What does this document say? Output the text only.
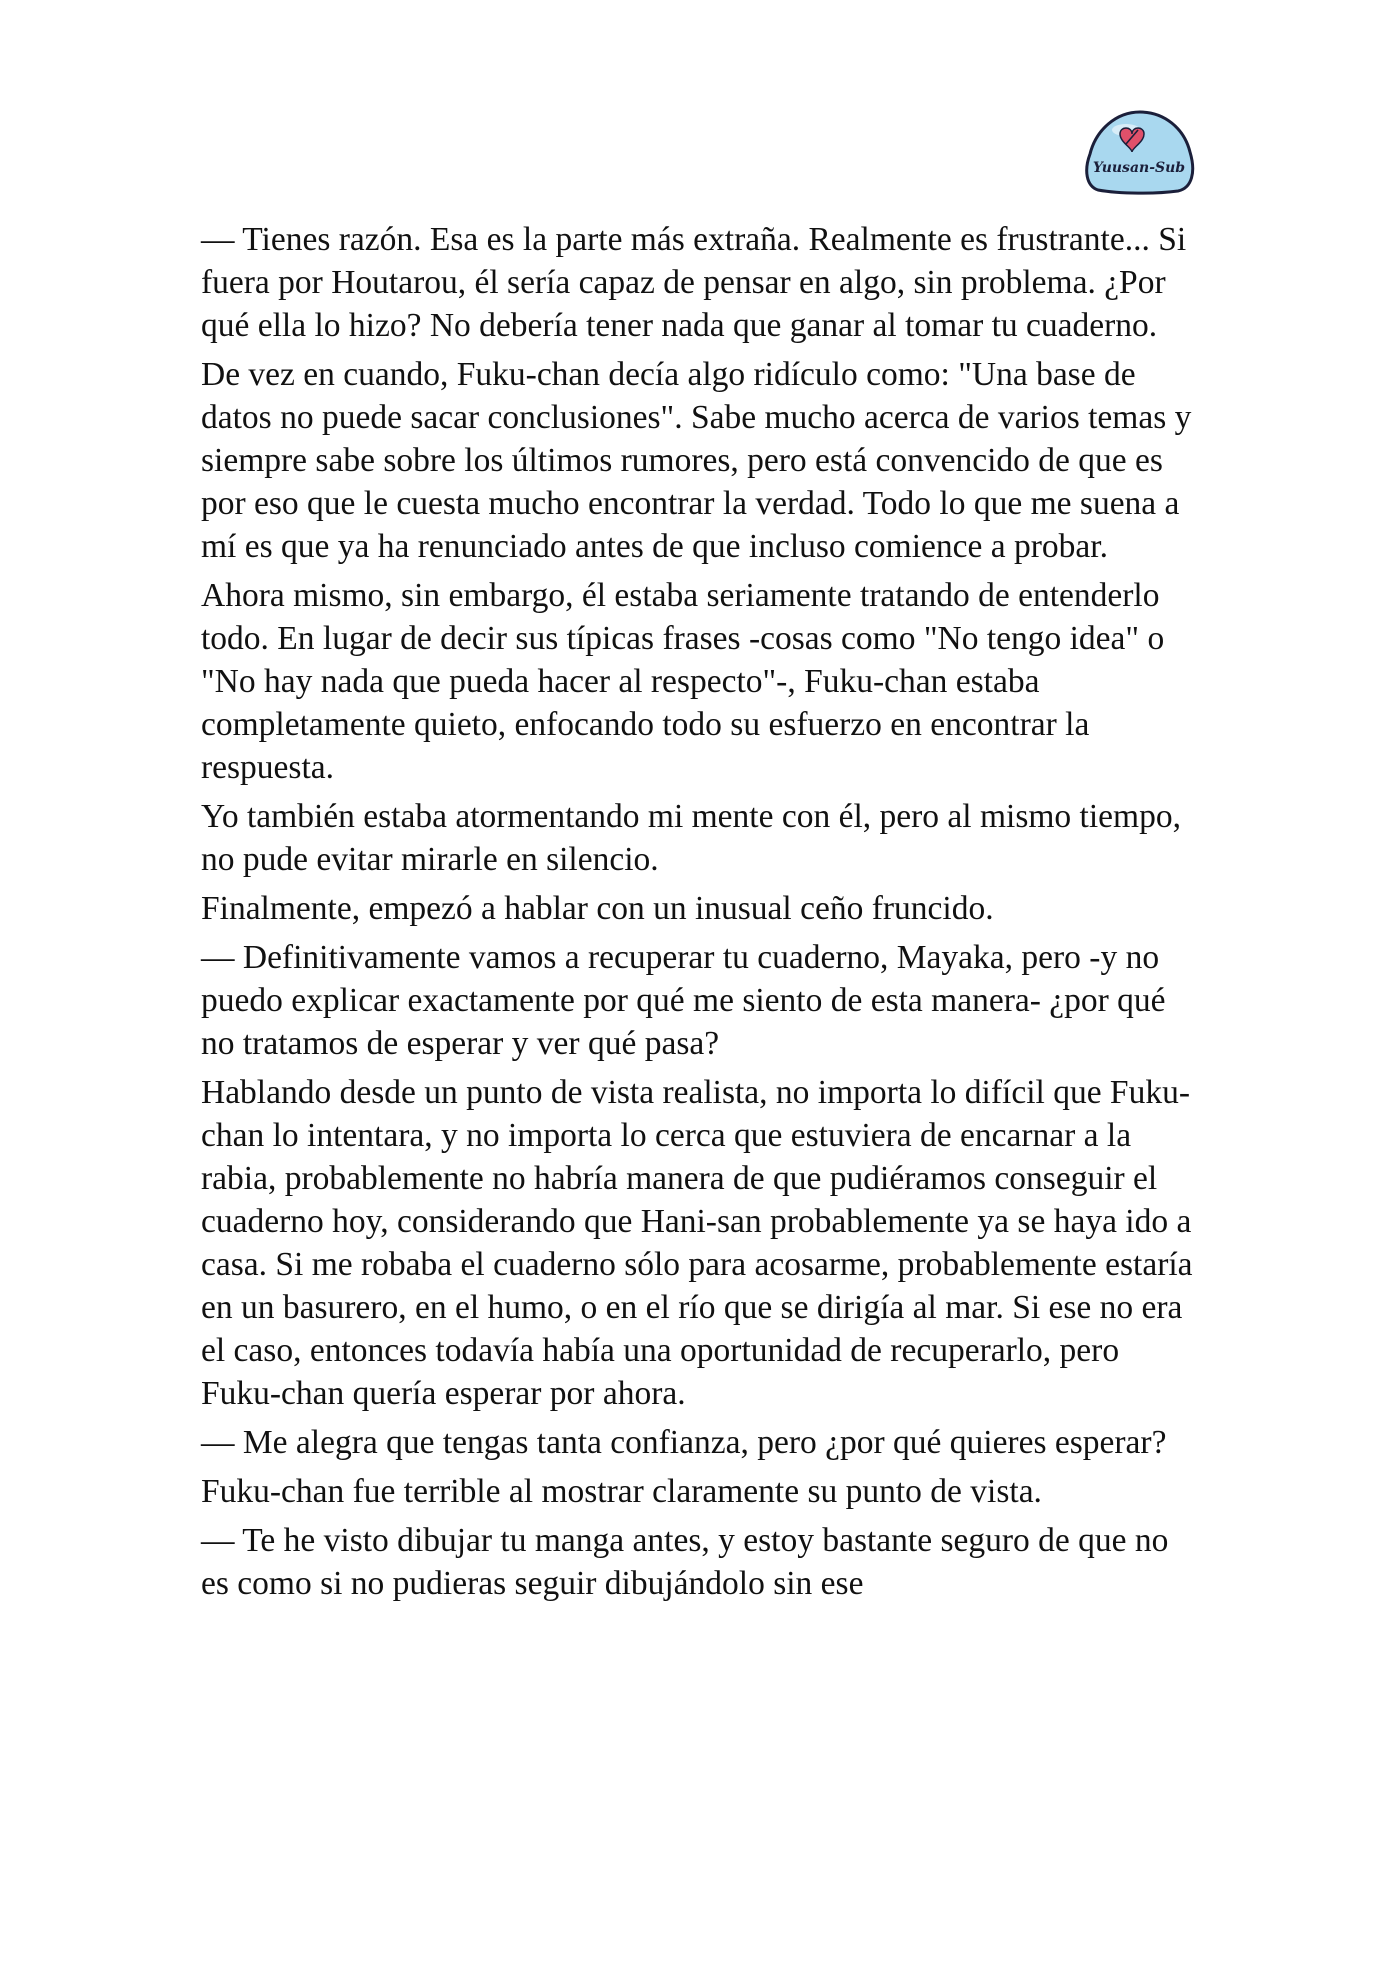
Yuusan-Sub

— Tienes razón. Esa es la parte más extraña. Realmente es frustrante... Si fuera por Houtarou, él sería capaz de pensar en algo, sin problema. ¿Por qué ella lo hizo? No debería tener nada que ganar al tomar tu cuaderno.

De vez en cuando, Fuku-chan decía algo ridículo como: "Una base de datos no puede sacar conclusiones". Sabe mucho acerca de varios temas y siempre sabe sobre los últimos rumores, pero está convencido de que es por eso que le cuesta mucho encontrar la verdad. Todo lo que me suena a mí es que ya ha renunciado antes de que incluso comience a probar.

Ahora mismo, sin embargo, él estaba seriamente tratando de entenderlo todo. En lugar de decir sus típicas frases -cosas como "No tengo idea" o "No hay nada que pueda hacer al respecto"-, Fuku-chan estaba completamente quieto, enfocando todo su esfuerzo en encontrar la respuesta.

Yo también estaba atormentando mi mente con él, pero al mismo tiempo, no pude evitar mirarle en silencio.

Finalmente, empezó a hablar con un inusual ceño fruncido.

— Definitivamente vamos a recuperar tu cuaderno, Mayaka, pero -y no puedo explicar exactamente por qué me siento de esta manera- ¿por qué no tratamos de esperar y ver qué pasa?

Hablando desde un punto de vista realista, no importa lo difícil que Fuku-chan lo intentara, y no importa lo cerca que estuviera de encarnar a la rabia, probablemente no habría manera de que pudiéramos conseguir el cuaderno hoy, considerando que Hani-san probablemente ya se haya ido a casa. Si me robaba el cuaderno sólo para acosarme, probablemente estaría en un basurero, en el humo, o en el río que se dirigía al mar. Si ese no era el caso, entonces todavía había una oportunidad de recuperarlo, pero Fuku-chan quería esperar por ahora.

— Me alegra que tengas tanta confianza, pero ¿por qué quieres esperar?

Fuku-chan fue terrible al mostrar claramente su punto de vista.

— Te he visto dibujar tu manga antes, y estoy bastante seguro de que no es como si no pudieras seguir dibujándolo sin ese
